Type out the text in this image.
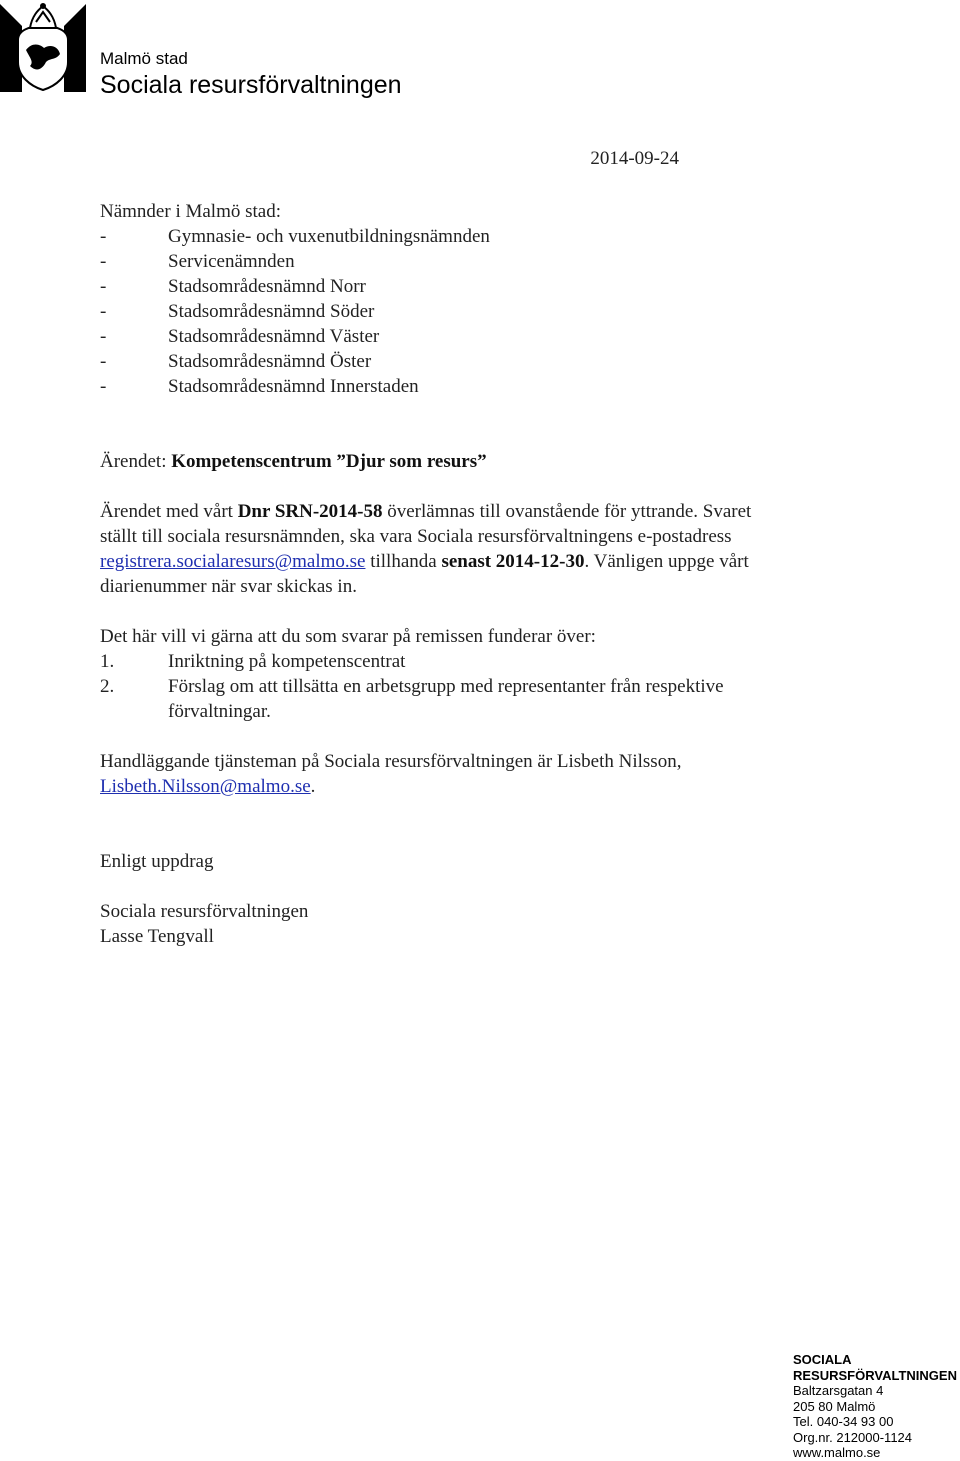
Malmö stad
Sociala resursförvaltningen
2014-09-24
Nämnder i Malmö stad:
-	Gymnasie- och vuxenutbildningsnämnden
-	Servicenämnden
-	Stadsområdesnämnd Norr
-	Stadsområdesnämnd Söder
-	Stadsområdesnämnd Väster
-	Stadsområdesnämnd Öster
-	Stadsområdesnämnd Innerstaden
Ärendet: Kompetenscentrum ”Djur som resurs”
Ärendet med vårt Dnr SRN-2014-58 överlämnas till ovanstående för yttrande. Svaret ställt till sociala resursnämnden, ska vara Sociala resursförvaltningens e-postadress registrera.socialaresurs@malmo.se tillhanda senast 2014-12-30. Vänligen uppge vårt diarienummer när svar skickas in.
Det här vill vi gärna att du som svarar på remissen funderar över:
1.	Inriktning på kompetenscentrat
2.	Förslag om att tillsätta en arbetsgrupp med representanter från respektive förvaltningar.
Handläggande tjänsteman på Sociala resursförvaltningen är Lisbeth Nilsson, Lisbeth.Nilsson@malmo.se.
Enligt uppdrag
Sociala resursförvaltningen
Lasse Tengvall
SOCIALA
RESURSFÖRVALTNINGEN
Baltzarsgatan 4
205 80 Malmö
Tel. 040-34 93 00
Org.nr. 212000-1124
www.malmo.se
